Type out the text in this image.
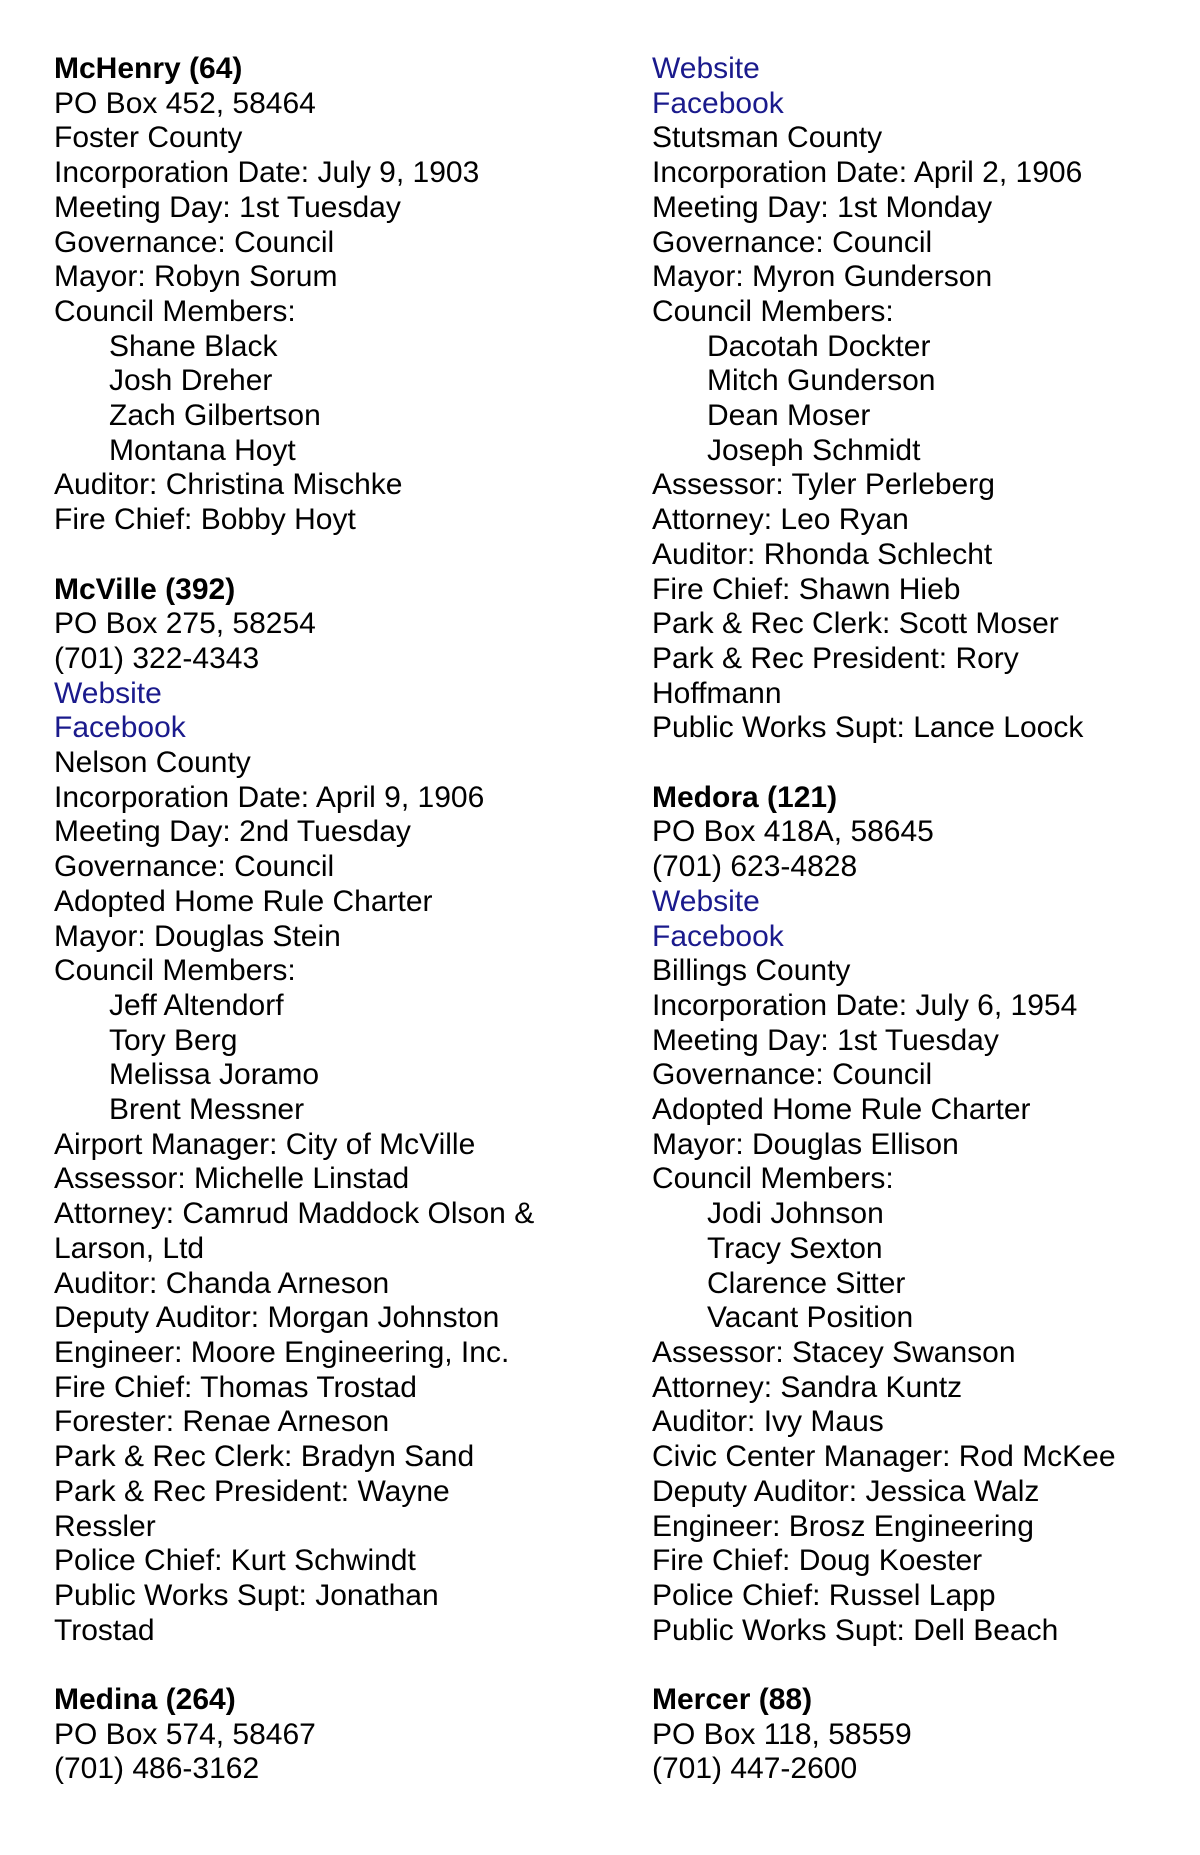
McHenry (64)
PO Box 452, 58464
Foster County
Incorporation Date: July 9, 1903
Meeting Day: 1st Tuesday
Governance: Council
Mayor: Robyn Sorum
Council Members:
Shane Black
Josh Dreher
Zach Gilbertson
Montana Hoyt
Auditor: Christina Mischke
Fire Chief: Bobby Hoyt
McVille (392)
PO Box 275, 58254
(701) 322-4343
Website
Facebook
Nelson County
Incorporation Date: April 9, 1906
Meeting Day: 2nd Tuesday
Governance: Council
Adopted Home Rule Charter
Mayor: Douglas Stein
Council Members:
Jeff Altendorf
Tory Berg
Melissa Joramo
Brent Messner
Airport Manager: City of McVille
Assessor: Michelle Linstad
Attorney: Camrud Maddock Olson &
Larson, Ltd
Auditor: Chanda Arneson
Deputy Auditor: Morgan Johnston
Engineer: Moore Engineering, Inc.
Fire Chief: Thomas Trostad
Forester: Renae Arneson
Park & Rec Clerk: Bradyn Sand
Park & Rec President: Wayne
Ressler
Police Chief: Kurt Schwindt
Public Works Supt: Jonathan
Trostad
Medina (264)
PO Box 574, 58467
(701) 486-3162
Website
Facebook
Stutsman County
Incorporation Date: April 2, 1906
Meeting Day: 1st Monday
Governance: Council
Mayor: Myron Gunderson
Council Members:
Dacotah Dockter
Mitch Gunderson
Dean Moser
Joseph Schmidt
Assessor: Tyler Perleberg
Attorney: Leo Ryan
Auditor: Rhonda Schlecht
Fire Chief: Shawn Hieb
Park & Rec Clerk: Scott Moser
Park & Rec President: Rory
Hoffmann
Public Works Supt: Lance Loock
Medora (121)
PO Box 418A, 58645
(701) 623-4828
Website
Facebook
Billings County
Incorporation Date: July 6, 1954
Meeting Day: 1st Tuesday
Governance: Council
Adopted Home Rule Charter
Mayor: Douglas Ellison
Council Members:
Jodi Johnson
Tracy Sexton
Clarence Sitter
Vacant Position
Assessor: Stacey Swanson
Attorney: Sandra Kuntz
Auditor: Ivy Maus
Civic Center Manager: Rod McKee
Deputy Auditor: Jessica Walz
Engineer: Brosz Engineering
Fire Chief: Doug Koester
Police Chief: Russel Lapp
Public Works Supt: Dell Beach
Mercer (88)
PO Box 118, 58559
(701) 447-2600
